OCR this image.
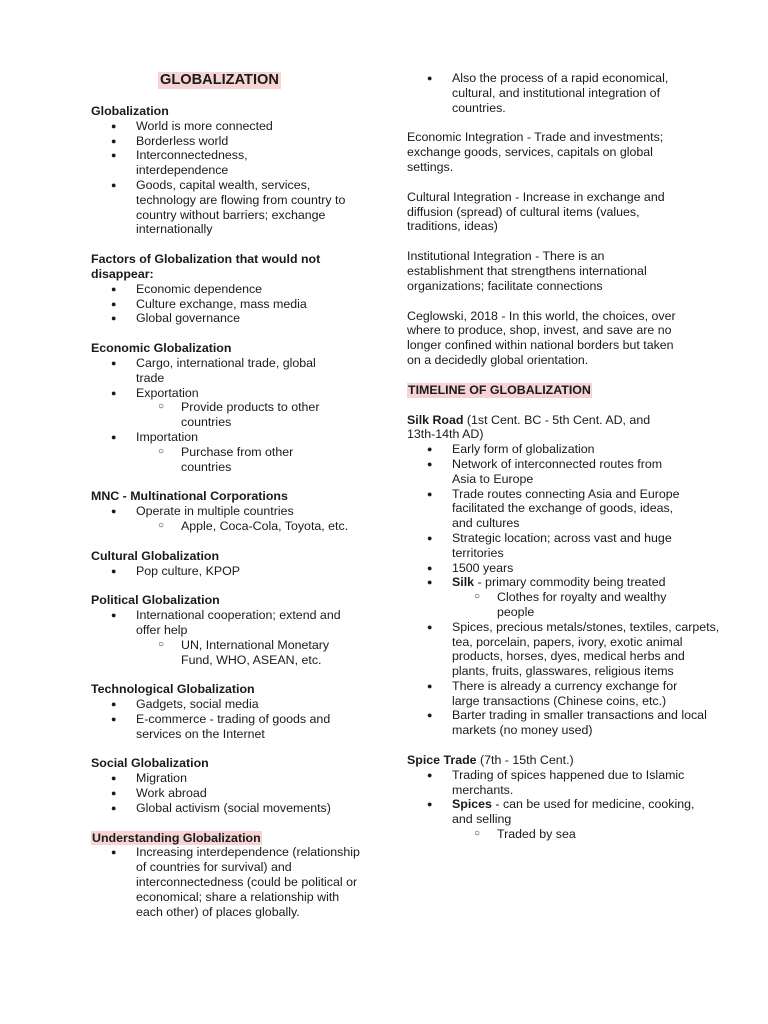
GLOBALIZATION

Globalization

● World is more connected
● Borderless world
● Interconnectedness, interdependence
● Goods, capital wealth, services, technology are flowing from country to country without barriers; exchange internationally

Factors of Globalization that would not disappear:

● Economic dependence
● Culture exchange, mass media
● Global governance

Economic Globalization

● Cargo, international trade, global trade
● Exportation
○ Provide products to other countries
● Importation
○ Purchase from other countries

MNC - Multinational Corporations

● Operate in multiple countries
○ Apple, Coca-Cola, Toyota, etc.

Cultural Globalization

● Pop culture, KPOP

Political Globalization

● International cooperation; extend and offer help
○ UN, International Monetary Fund, WHO, ASEAN, etc.

Technological Globalization

● Gadgets, social media
● E-commerce - trading of goods and services on the Internet

Social Globalization

● Migration
● Work abroad
● Global activism (social movements)

Understanding Globalization

● Increasing interdependence (relationship of countries for survival) and interconnectedness (could be political or economical; share a relationship with each other) of places globally.
● Also the process of a rapid economical, cultural, and institutional integration of countries.

Economic Integration - Trade and investments; exchange goods, services, capitals on global settings.

Cultural Integration - Increase in exchange and diffusion (spread) of cultural items (values, traditions, ideas)

Institutional Integration - There is an establishment that strengthens international organizations; facilitate connections

Ceglowski, 2018 - In this world, the choices, over where to produce, shop, invest, and save are no longer confined within national borders but taken on a decidedly global orientation.

TIMELINE OF GLOBALIZATION

Silk Road (1st Cent. BC - 5th Cent. AD, and 13th-14th AD)

● Early form of globalization
● Network of interconnected routes from Asia to Europe
● Trade routes connecting Asia and Europe facilitated the exchange of goods, ideas, and cultures
● Strategic location; across vast and huge territories
● 1500 years
● Silk - primary commodity being treated
○ Clothes for royalty and wealthy people
● Spices, precious metals/stones, textiles, carpets, tea, porcelain, papers, ivory, exotic animal products, horses, dyes, medical herbs and plants, fruits, glasswares, religious items
● There is already a currency exchange for large transactions (Chinese coins, etc.)
● Barter trading in smaller transactions and local markets (no money used)

Spice Trade (7th - 15th Cent.)

● Trading of spices happened due to Islamic merchants.
● Spices - can be used for medicine, cooking, and selling
○ Traded by sea
